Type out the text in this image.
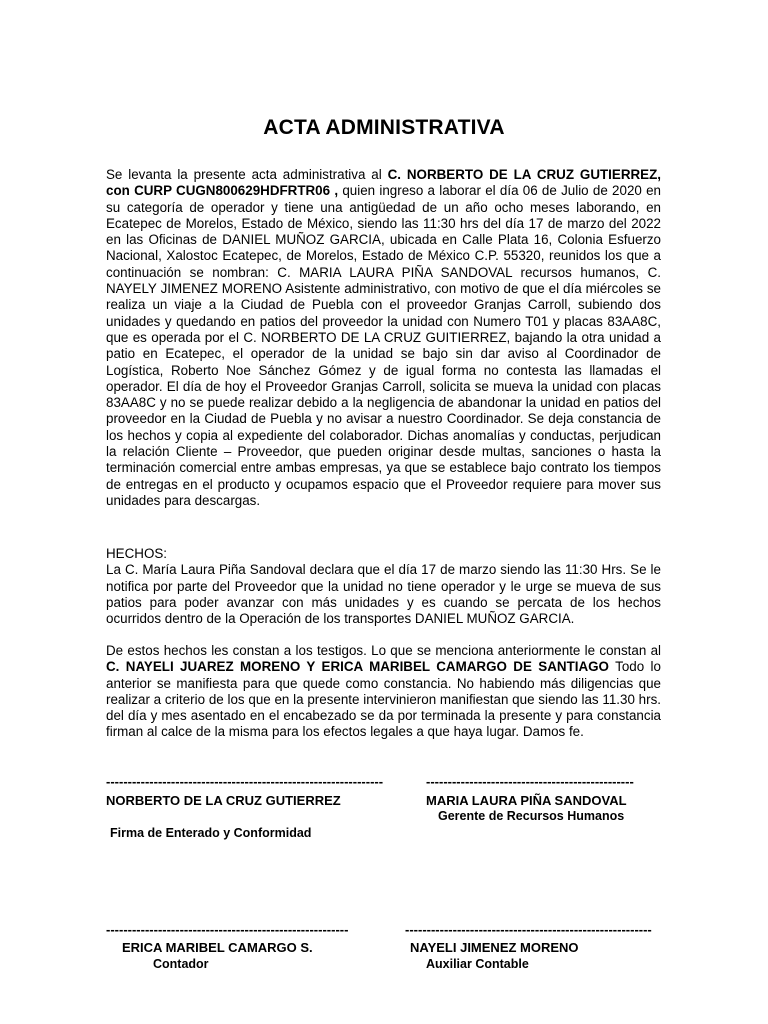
ACTA ADMINISTRATIVA
Se levanta la presente acta administrativa al C. NORBERTO DE LA CRUZ GUTIERREZ, con CURP CUGN800629HDFRTR06 , quien ingreso a laborar el día 06 de Julio de 2020 en su categoría de operador y tiene una antigüedad de un año ocho meses laborando, en Ecatepec de Morelos, Estado de México, siendo las 11:30 hrs del día 17 de marzo del 2022 en las Oficinas de DANIEL MUÑOZ GARCIA, ubicada en Calle Plata 16, Colonia Esfuerzo Nacional, Xalostoc Ecatepec, de Morelos, Estado de México C.P. 55320, reunidos los que a continuación se nombran: C. MARIA LAURA PIÑA SANDOVAL recursos humanos, C. NAYELY JIMENEZ MORENO Asistente administrativo, con motivo de que el día miércoles se realiza un viaje a la Ciudad de Puebla con el proveedor Granjas Carroll, subiendo dos unidades y quedando en patios del proveedor la unidad con Numero T01 y placas 83AA8C, que es operada por el C. NORBERTO DE LA CRUZ GUITIERREZ, bajando la otra unidad a patio en Ecatepec, el operador de la unidad se bajo sin dar aviso al Coordinador de Logística, Roberto Noe Sánchez Gómez y de igual forma no contesta las llamadas el operador. El día de hoy el Proveedor Granjas Carroll, solicita se mueva la unidad con placas 83AA8C y no se puede realizar debido a la negligencia de abandonar la unidad en patios del proveedor en la Ciudad de Puebla y no avisar a nuestro Coordinador. Se deja constancia de los hechos y copia al expediente del colaborador. Dichas anomalías y conductas, perjudican la relación Cliente – Proveedor, que pueden originar desde multas, sanciones o hasta la terminación comercial entre ambas empresas, ya que se establece bajo contrato los tiempos de entregas en el producto y ocupamos espacio que el Proveedor requiere para mover sus unidades para descargas.
HECHOS:
La C. María Laura Piña Sandoval declara que el día 17 de marzo siendo las 11:30 Hrs. Se le notifica por parte del Proveedor que la unidad no tiene operador y le urge se mueva de sus patios para poder avanzar con más unidades y es cuando se percata de los hechos ocurridos dentro de la Operación de los transportes DANIEL MUÑOZ GARCIA.
De estos hechos les constan a los testigos. Lo que se menciona anteriormente le constan al C. NAYELI JUAREZ MORENO Y ERICA MARIBEL CAMARGO DE SANTIAGO Todo lo anterior se manifiesta para que quede como constancia. No habiendo más diligencias que realizar a criterio de los que en la presente intervinieron manifiestan que siendo las 11.30 hrs. del día y mes asentado en el encabezado se da por terminada la presente y para constancia firman al calce de la misma para los efectos legales a que haya lugar. Damos fe.
----------------------------------------------------------------	------------------------------------------------
NORBERTO DE LA CRUZ GUTIERREZ	MARIA LAURA PIÑA SANDOVAL
Gerente de Recursos Humanos
Firma de Enterado y Conformidad
--------------------------------------------------------	---------------------------------------------------------
ERICA MARIBEL CAMARGO S.	NAYELI JIMENEZ MORENO
Contador	Auxiliar Contable
